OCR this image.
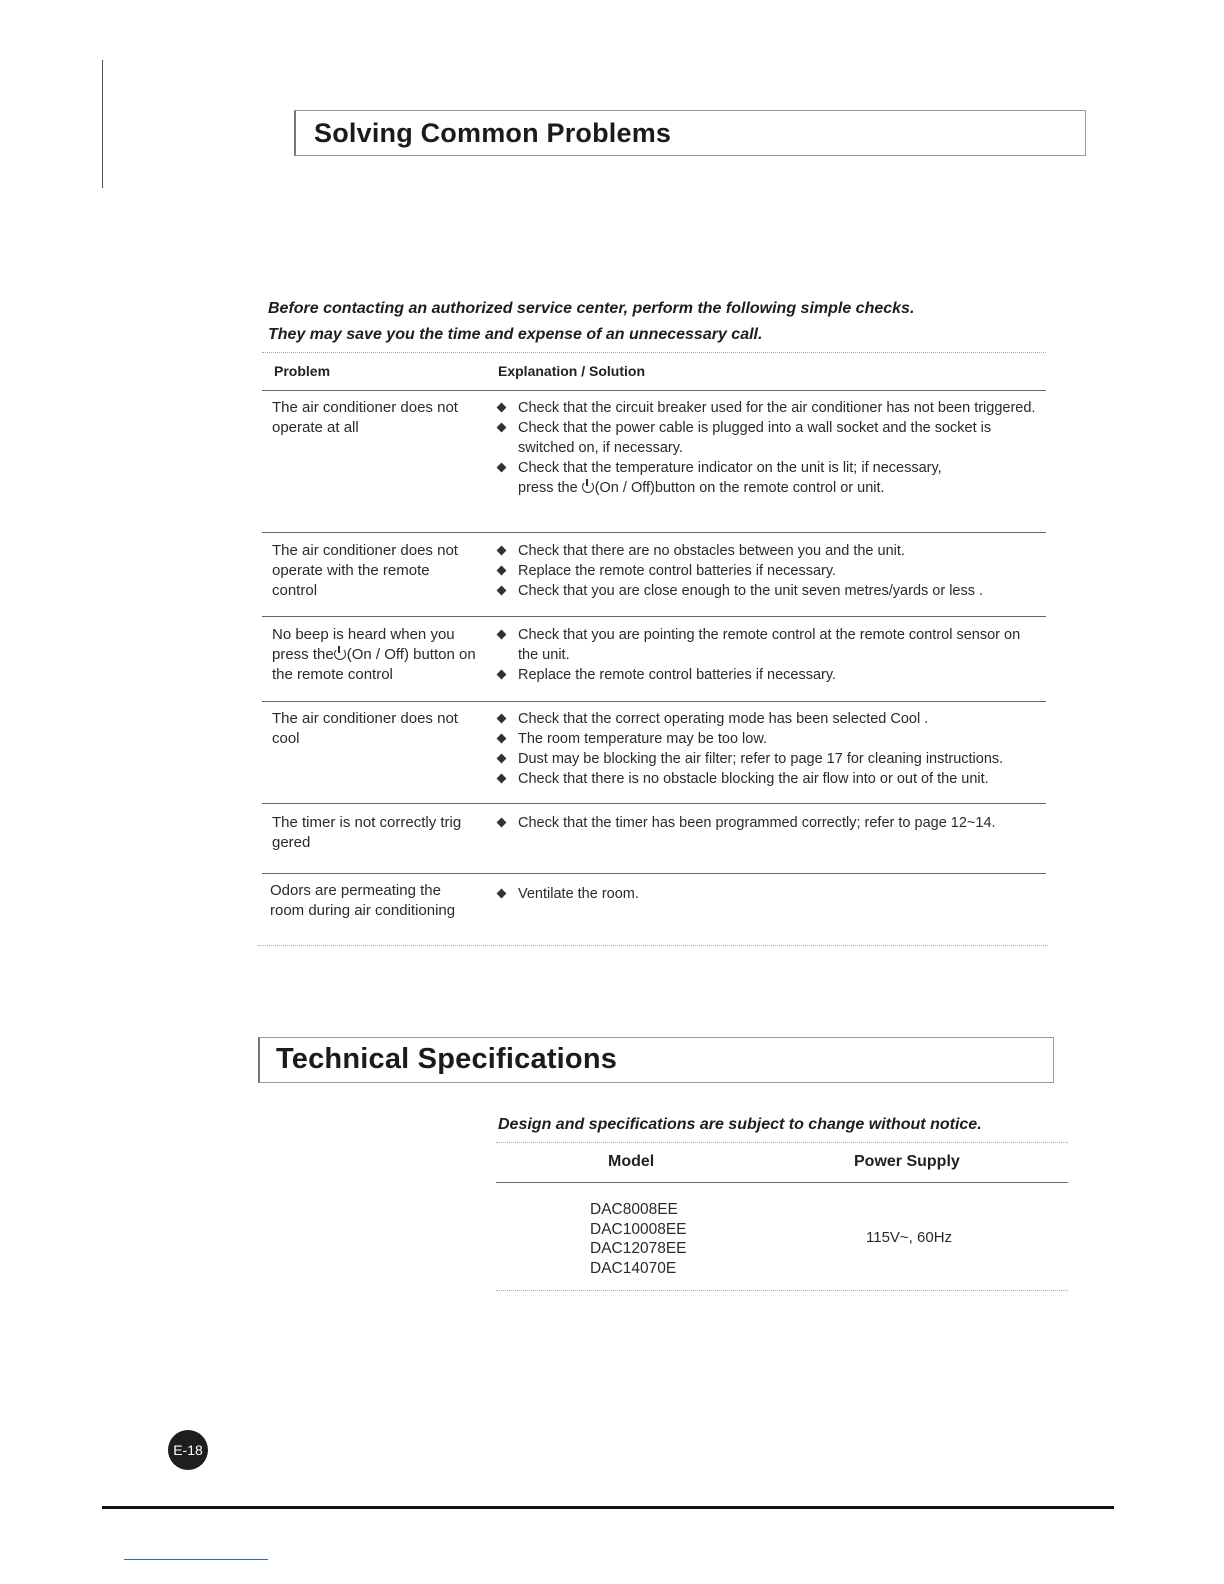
Solving Common Problems

Before contacting an authorized service center, perform the following simple checks.

They may save you the time and expense of an unnecessary call.

Problem	Explanation / Solution
The air conditioner does not operate at all
Check that the circuit breaker used for the air conditioner has not been triggered.
Check that the power cable is plugged into a wall socket and the socket is switched on, if necessary.
Check that the temperature indicator on the unit is lit; if necessary,
press the (On / Off)button on the remote control or unit.
The air conditioner does not operate with the remote control
Check that there are no obstacles between you and the unit.
Replace the remote control batteries if necessary.
Check that you are close enough to the unit seven metres/yards or less .
No beep is heard when you press the (On / Off) button on the remote control
Check that you are pointing the remote control at the remote control sensor on the unit.
Replace the remote control batteries if necessary.
The air conditioner does not cool
Check that the correct operating mode has been selected Cool .
The room temperature may be too low.
Dust may be blocking the air filter; refer to page 17 for cleaning instructions.
Check that there is no obstacle blocking the air flow into or out of the unit.
The timer is not correctly trig gered
Check that the timer has been programmed correctly; refer to page 12~14.
Odors are permeating the room during air conditioning
Ventilate the room.
Technical Specifications
Design and specifications are subject to change without notice.
Model	Power Supply
DAC8008EE
DAC10008EE
DAC12078EE
DAC14070E
115V~, 60Hz
E-18
